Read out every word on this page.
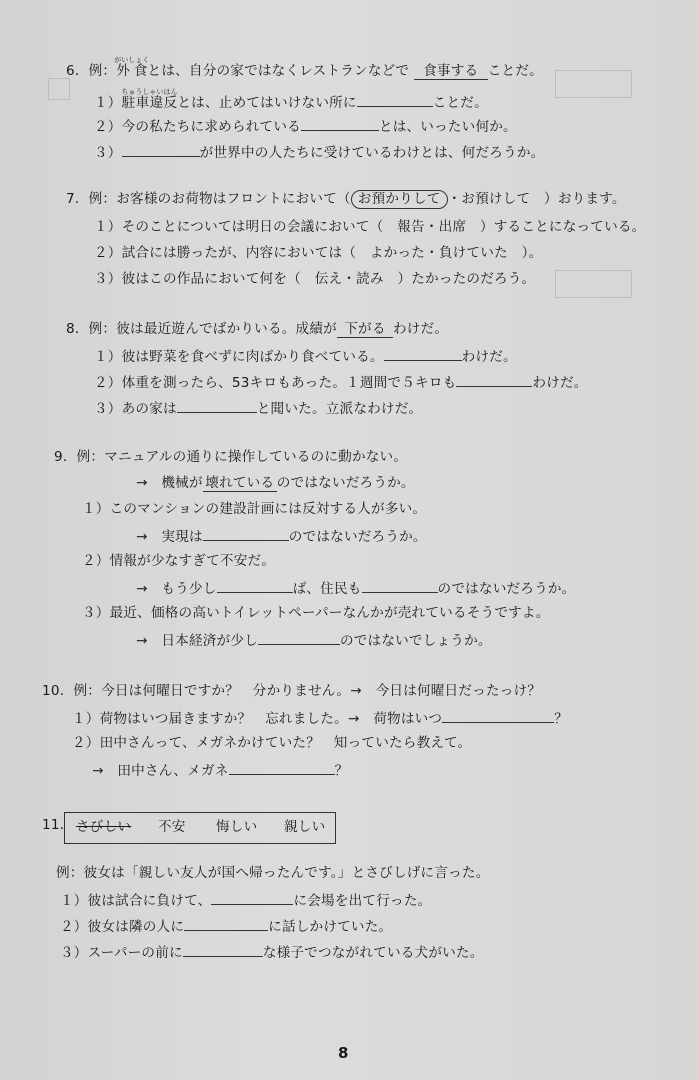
6．例：外食がいしょくとは、自分の家ではなくレストランなどで 食事する ことだ。
１）駐車違反ちゅうしゃいはんとは、止めてはいけない所に	ことだ。
２）今の私たちに求められている	とは、いったい何か。
３）	が世界中の人たちに受けているわけとは、何だろうか。
7．例：お客様のお荷物はフロントにおいて（ お預かりして ・お預けして　）おります。
１）そのことについては明日の会議において（　報告・出席　）することになっている。
２）試合には勝ったが、内容においては（　よかった・負けていた　）。
３）彼はこの作品において何を（　伝え・読み　）たかったのだろう。
8．例：彼は最近遊んでばかりいる。成績が 下がる わけだ。
１）彼は野菜を食べずに肉ばかり食べている。	わけだ。
２）体重を測ったら、53キロもあった。１週間で５キロも	わけだ。
３）あの家は	と聞いた。立派なわけだ。
9．例：マニュアルの通りに操作しているのに動かない。
→　機械が 壊れている のではないだろうか。
１）このマンションの建設計画には反対する人が多い。
→　実現は	のではないだろうか。
２）情報が少なすぎて不安だ。
→　もう少し	ば、住民も	のではないだろうか。
３）最近、価格の高いトイレットペーパーなんかが売れているそうですよ。
→　日本経済が少し	のではないでしょうか。
10．例：今日は何曜日ですか？　分かりません。→　今日は何曜日だったっけ？
１）荷物はいつ届きますか？　忘れました。→　荷物はいつ	？
２）田中さんって、メガネかけていた？　知っていたら教えて。
→　田中さん、メガネ	？
11． さびしい 不安 悔しい 親しい
例：彼女は「親しい友人が国へ帰ったんです。」とさびしげに言った。
１）彼は試合に負けて、	に会場を出て行った。
２）彼女は隣の人に	に話しかけていた。
３）スーパーの前に	な様子でつながれている犬がいた。
8
